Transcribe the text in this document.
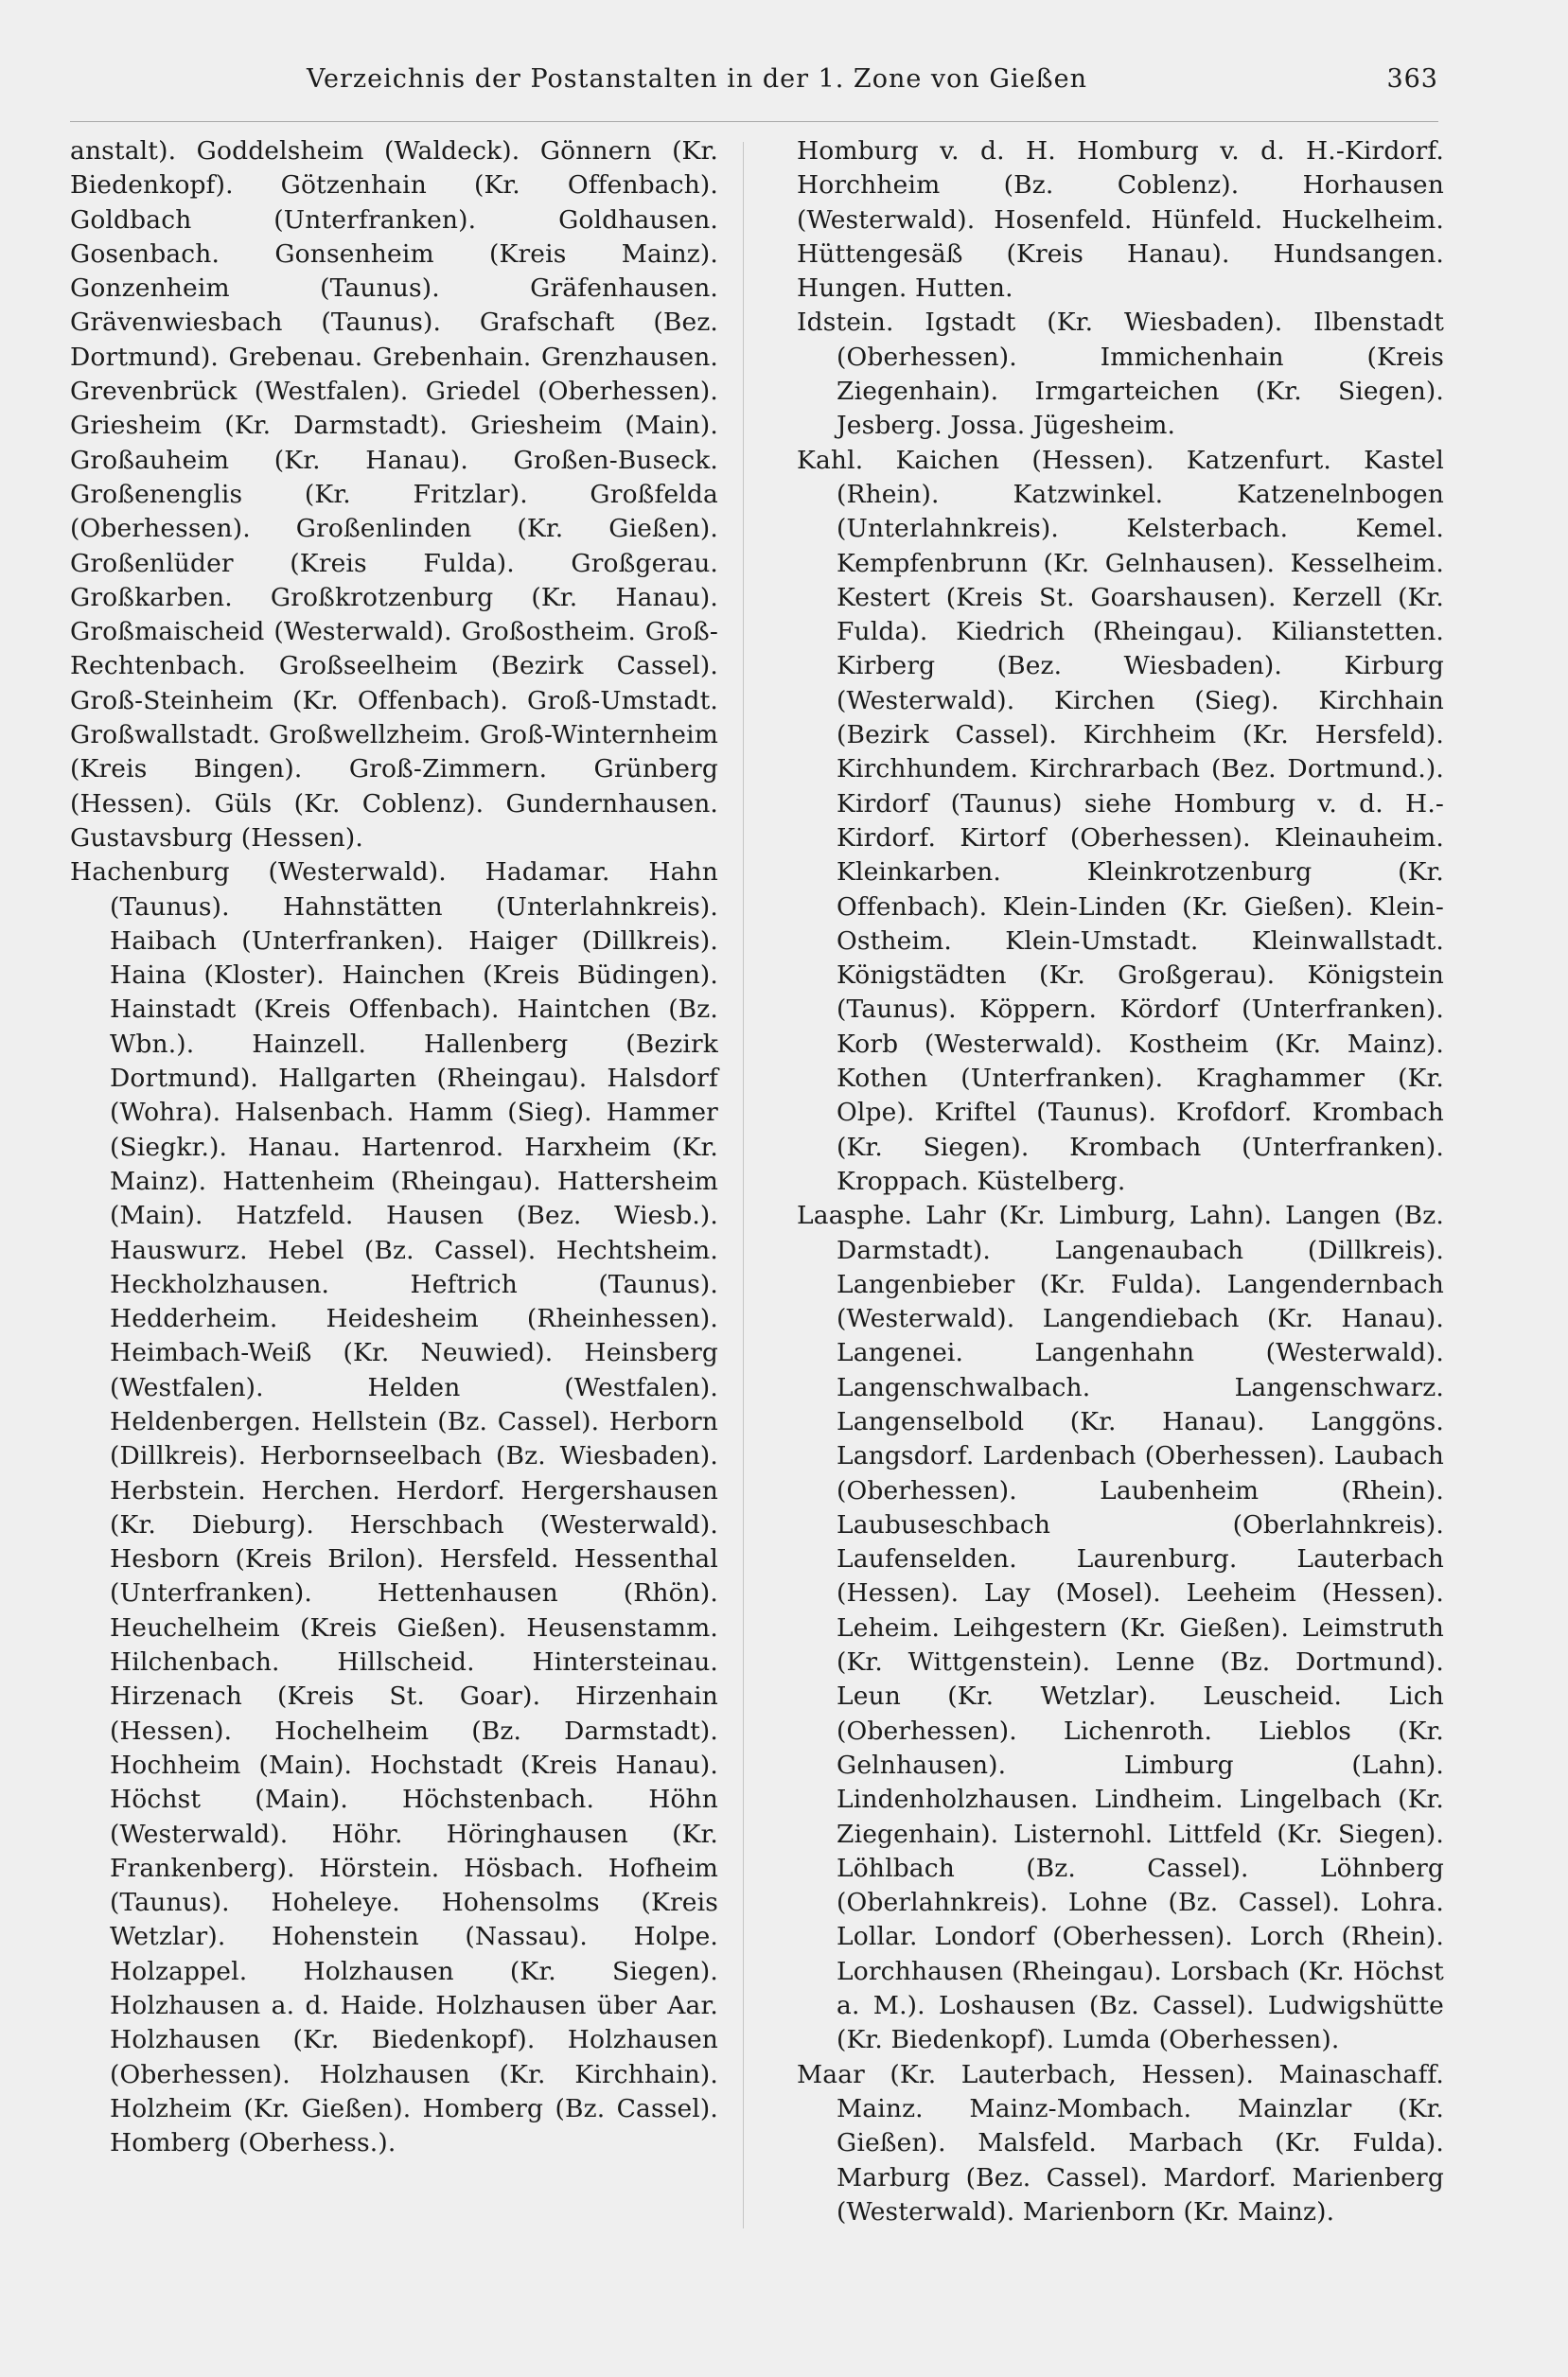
Verzeichnis der Postanstalten in der 1. Zone von Gießen	363

anstalt). Goddelsheim (Waldeck). Gönnern (Kr. Biedenkopf). Götzenhain (Kr. Offenbach). Goldbach (Unterfranken). Goldhausen. Gosenbach. Gonsenheim (Kreis Mainz). Gonzenheim (Taunus). Gräfenhausen. Grävenwiesbach (Taunus). Grafschaft (Bez. Dortmund). Grebenau. Grebenhain. Grenzhausen. Grevenbrück (Westfalen). Griedel (Oberhessen). Griesheim (Kr. Darmstadt). Griesheim (Main). Großauheim (Kr. Hanau). Großen-Buseck. Großenenglis (Kr. Fritzlar). Großfelda (Oberhessen). Großenlinden (Kr. Gießen). Großenlüder (Kreis Fulda). Großgerau. Großkarben. Großkrotzenburg (Kr. Hanau). Großmaischeid (Westerwald). Großostheim. Groß-Rechtenbach. Großseelheim (Bezirk Cassel). Groß-Steinheim (Kr. Offenbach). Groß-Umstadt. Großwallstadt. Großwellzheim. Groß-Winternheim (Kreis Bingen). Groß-Zimmern. Grünberg (Hessen). Güls (Kr. Coblenz). Gundernhausen. Gustavsburg (Hessen).

Hachenburg (Westerwald). Hadamar. Hahn (Taunus). Hahnstätten (Unterlahnkreis). Haibach (Unterfranken). Haiger (Dillkreis). Haina (Kloster). Hainchen (Kreis Büdingen). Hainstadt (Kreis Offenbach). Haintchen (Bz. Wbn.). Hainzell. Hallenberg (Bezirk Dortmund). Hallgarten (Rheingau). Halsdorf (Wohra). Halsenbach. Hamm (Sieg). Hammer (Siegkr.). Hanau. Hartenrod. Harxheim (Kr. Mainz). Hattenheim (Rheingau). Hattersheim (Main). Hatzfeld. Hausen (Bez. Wiesb.). Hauswurz. Hebel (Bz. Cassel). Hechtsheim. Heckholzhausen. Heftrich (Taunus). Hedderheim. Heidesheim (Rheinhessen). Heimbach-Weiß (Kr. Neuwied). Heinsberg (Westfalen). Helden (Westfalen). Heldenbergen. Hellstein (Bz. Cassel). Herborn (Dillkreis). Herbornseelbach (Bz. Wiesbaden). Herbstein. Herchen. Herdorf. Hergershausen (Kr. Dieburg). Herschbach (Westerwald). Hesborn (Kreis Brilon). Hersfeld. Hessenthal (Unterfranken). Hettenhausen (Rhön). Heuchelheim (Kreis Gießen). Heusenstamm. Hilchenbach. Hillscheid. Hintersteinau. Hirzenach (Kreis St. Goar). Hirzenhain (Hessen). Hochelheim (Bz. Darmstadt). Hochheim (Main). Hochstadt (Kreis Hanau). Höchst (Main). Höchstenbach. Höhn (Westerwald). Höhr. Höringhausen (Kr. Frankenberg). Hörstein. Hösbach. Hofheim (Taunus). Hoheleye. Hohensolms (Kreis Wetzlar). Hohenstein (Nassau). Holpe. Holzappel. Holzhausen (Kr. Siegen). Holzhausen a. d. Haide. Holzhausen über Aar. Holzhausen (Kr. Biedenkopf). Holzhausen (Oberhessen). Holzhausen (Kr. Kirchhain). Holzheim (Kr. Gießen). Homberg (Bz. Cassel). Homberg (Oberhess.).

Homburg v. d. H. Homburg v. d. H.-Kirdorf. Horchheim (Bz. Coblenz). Horhausen (Westerwald). Hosenfeld. Hünfeld. Huckelheim. Hüttengesäß (Kreis Hanau). Hundsangen. Hungen. Hutten.

Idstein. Igstadt (Kr. Wiesbaden). Ilbenstadt (Oberhessen). Immichenhain (Kreis Ziegenhain). Irmgarteichen (Kr. Siegen). Jesberg. Jossa. Jügesheim.

Kahl. Kaichen (Hessen). Katzenfurt. Kastel (Rhein). Katzwinkel. Katzenelnbogen (Unterlahnkreis). Kelsterbach. Kemel. Kempfenbrunn (Kr. Gelnhausen). Kesselheim. Kestert (Kreis St. Goarshausen). Kerzell (Kr. Fulda). Kiedrich (Rheingau). Kilianstetten. Kirberg (Bez. Wiesbaden). Kirburg (Westerwald). Kirchen (Sieg). Kirchhain (Bezirk Cassel). Kirchheim (Kr. Hersfeld). Kirchhundem. Kirchrarbach (Bez. Dortmund.). Kirdorf (Taunus) siehe Homburg v. d. H.-Kirdorf. Kirtorf (Oberhessen). Kleinauheim. Kleinkarben. Kleinkrotzenburg (Kr. Offenbach). Klein-Linden (Kr. Gießen). Klein-Ostheim. Klein-Umstadt. Kleinwallstadt. Königstädten (Kr. Großgerau). Königstein (Taunus). Köppern. Kördorf (Unterfranken). Korb (Westerwald). Kostheim (Kr. Mainz). Kothen (Unterfranken). Kraghammer (Kr. Olpe). Kriftel (Taunus). Krofdorf. Krombach (Kr. Siegen). Krombach (Unterfranken). Kroppach. Küstelberg.

Laasphe. Lahr (Kr. Limburg, Lahn). Langen (Bz. Darmstadt). Langenaubach (Dillkreis). Langenbieber (Kr. Fulda). Langendernbach (Westerwald). Langendiebach (Kr. Hanau). Langenei. Langenhahn (Westerwald). Langenschwalbach. Langenschwarz. Langenselbold (Kr. Hanau). Langgöns. Langsdorf. Lardenbach (Oberhessen). Laubach (Oberhessen). Laubenheim (Rhein). Laubuseschbach (Oberlahnkreis). Laufenselden. Laurenburg. Lauterbach (Hessen). Lay (Mosel). Leeheim (Hessen). Leheim. Leihgestern (Kr. Gießen). Leimstruth (Kr. Wittgenstein). Lenne (Bz. Dortmund). Leun (Kr. Wetzlar). Leuscheid. Lich (Oberhessen). Lichenroth. Lieblos (Kr. Gelnhausen). Limburg (Lahn). Lindenholzhausen. Lindheim. Lingelbach (Kr. Ziegenhain). Listernohl. Littfeld (Kr. Siegen). Löhlbach (Bz. Cassel). Löhnberg (Oberlahnkreis). Lohne (Bz. Cassel). Lohra. Lollar. Londorf (Oberhessen). Lorch (Rhein). Lorchhausen (Rheingau). Lorsbach (Kr. Höchst a. M.). Loshausen (Bz. Cassel). Ludwigshütte (Kr. Biedenkopf). Lumda (Oberhessen).

Maar (Kr. Lauterbach, Hessen). Mainaschaff. Mainz. Mainz-Mombach. Mainzlar (Kr. Gießen). Malsfeld. Marbach (Kr. Fulda). Marburg (Bez. Cassel). Mardorf. Marienberg (Westerwald). Marienborn (Kr. Mainz).
